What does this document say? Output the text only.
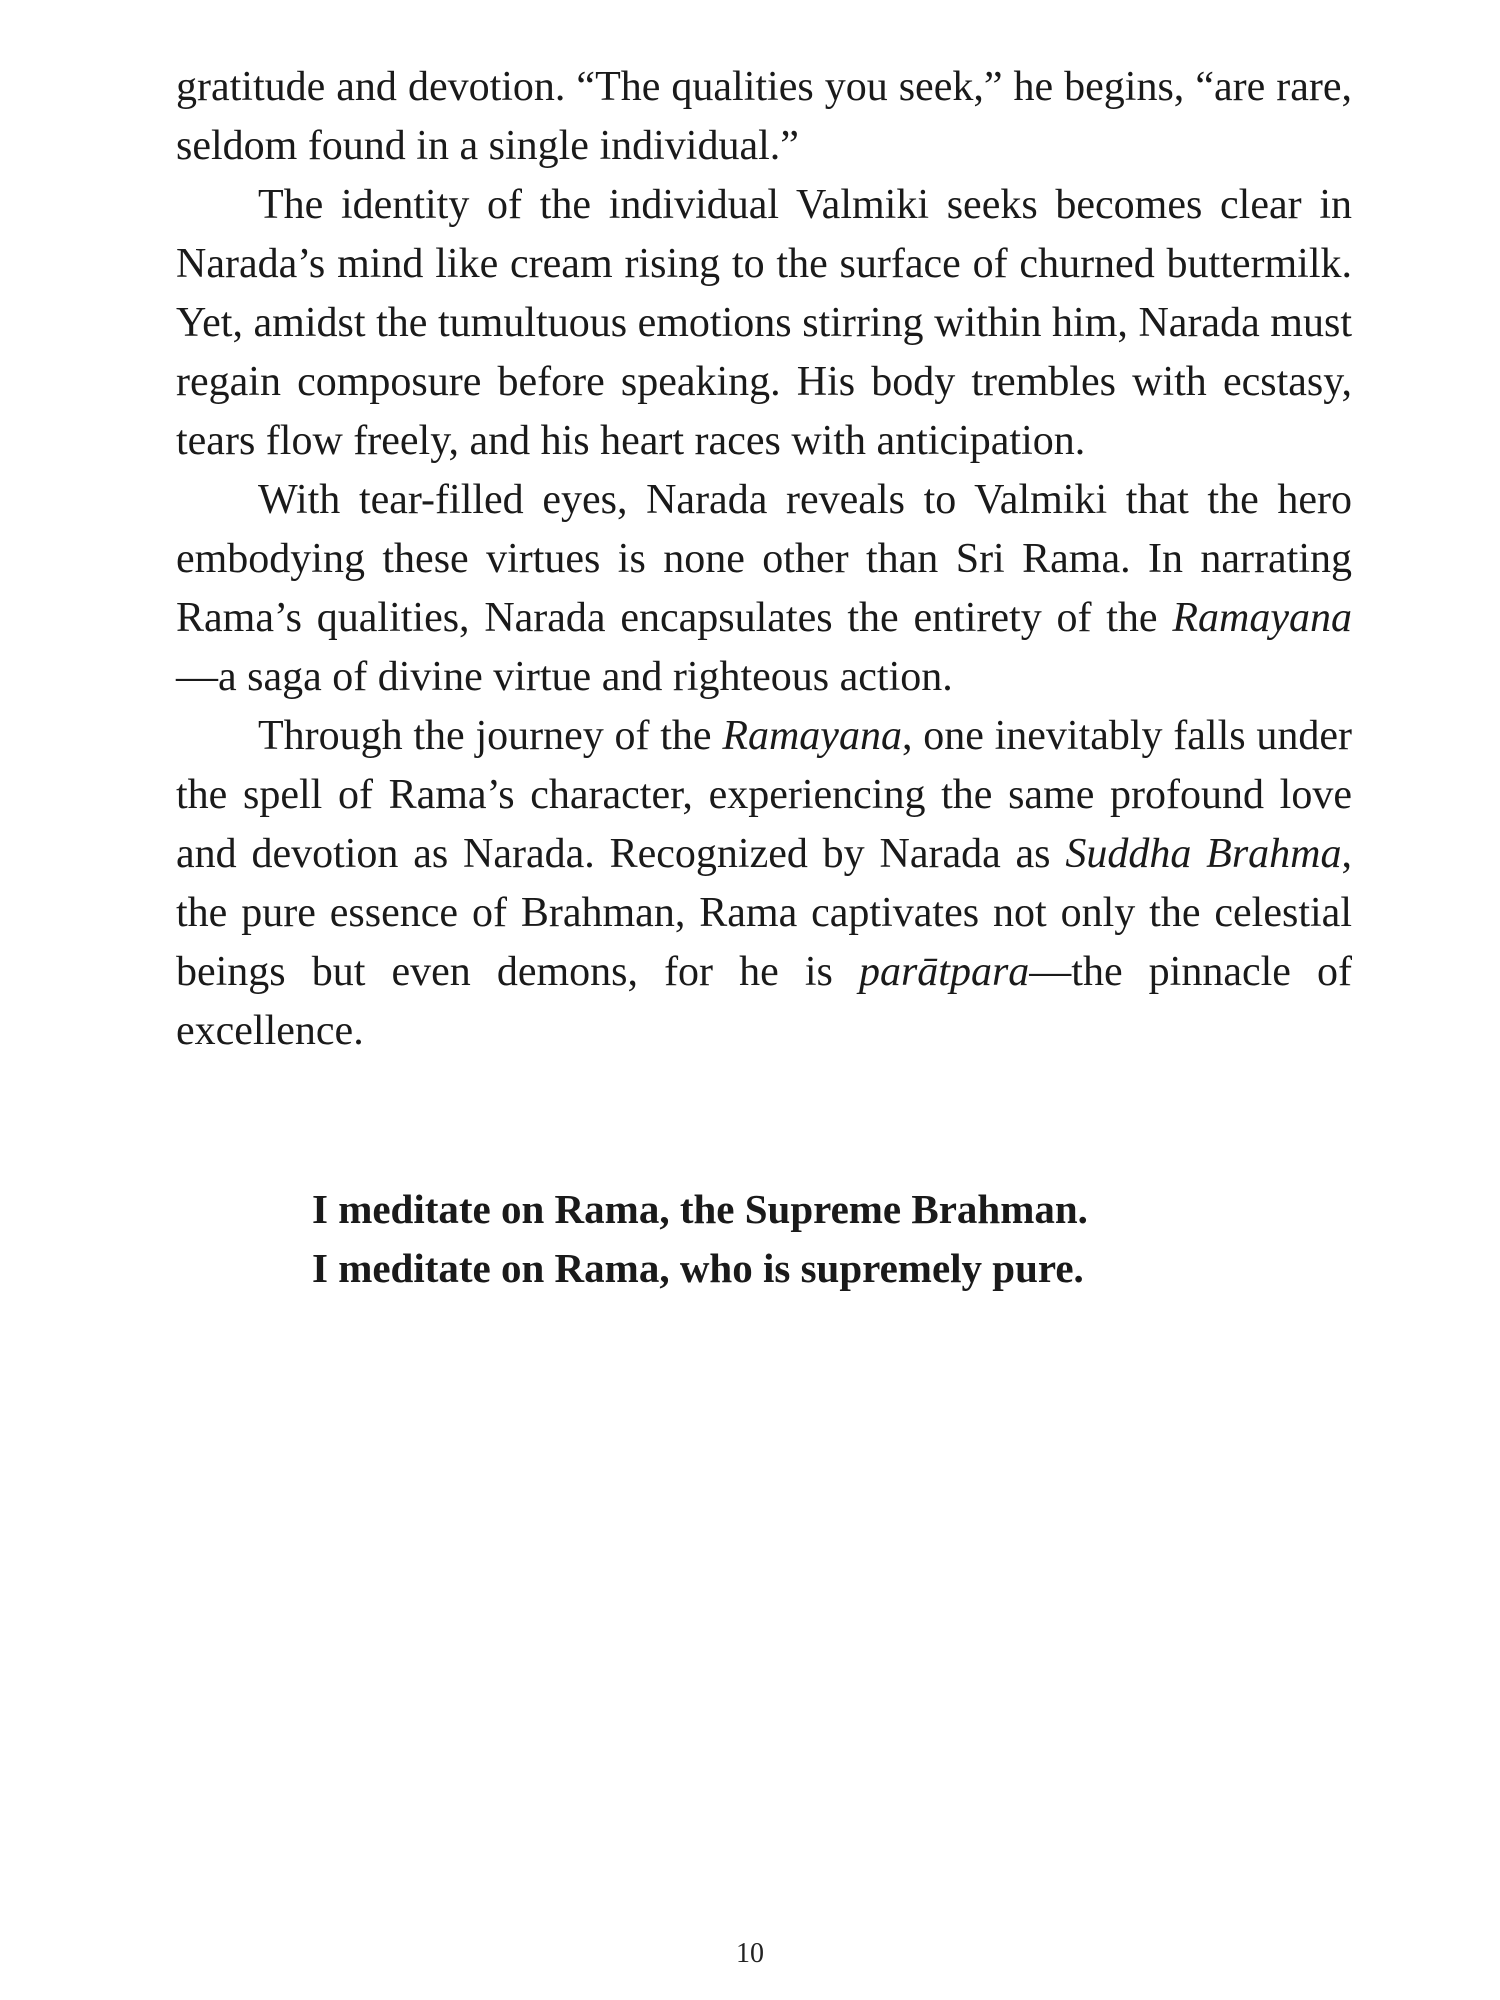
gratitude and devotion. “The qualities you seek,” he begins, “are rare, seldom found in a single individual.”

The identity of the individual Valmiki seeks becomes clear in Narada’s mind like cream rising to the surface of churned buttermilk. Yet, amidst the tumultuous emotions stirring within him, Narada must regain composure before speaking. His body trembles with ecstasy, tears flow freely, and his heart races with anticipation.

With tear-filled eyes, Narada reveals to Valmiki that the hero embodying these virtues is none other than Sri Rama. In narrating Rama’s qualities, Narada encapsulates the entirety of the Ramayana—a saga of divine virtue and righteous action.

Through the journey of the Ramayana, one inevitably falls under the spell of Rama’s character, experiencing the same profound love and devotion as Narada. Recognized by Narada as Suddha Brahma, the pure essence of Brahman, Rama captivates not only the celestial beings but even demons, for he is parātpara—the pinnacle of excellence.

I meditate on Rama, the Supreme Brahman.
I meditate on Rama, who is supremely pure.
10
